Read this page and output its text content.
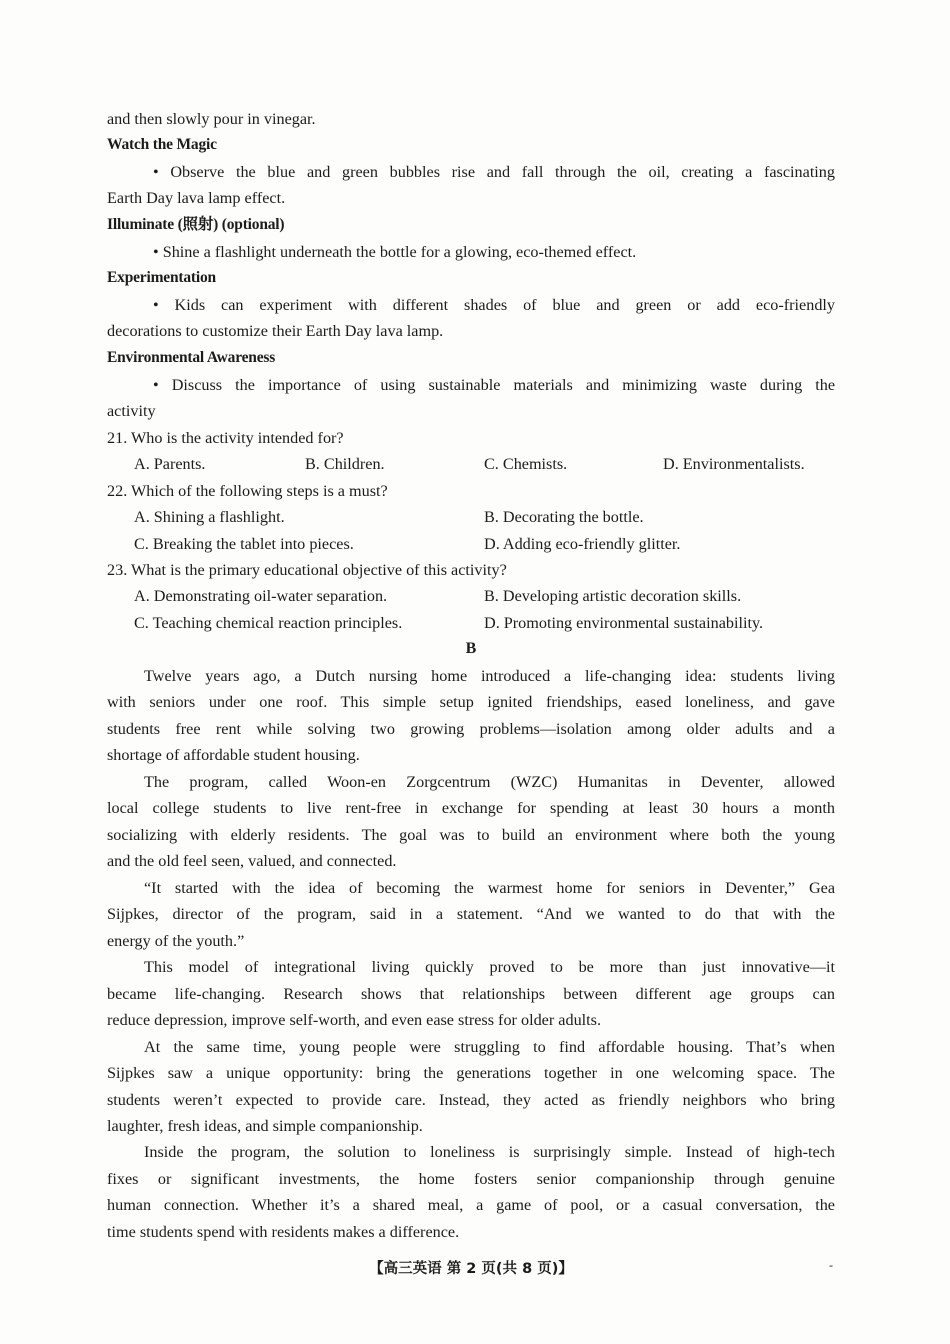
and then slowly pour in vinegar.
Watch the Magic
• Observe the blue and green bubbles rise and fall through the oil, creating a fascinating
Earth Day lava lamp effect.
Illuminate (照射) (optional)
• Shine a flashlight underneath the bottle for a glowing, eco-themed effect.
Experimentation
• Kids can experiment with different shades of blue and green or add eco-friendly
decorations to customize their Earth Day lava lamp.
Environmental Awareness
• Discuss the importance of using sustainable materials and minimizing waste during the
activity
21. Who is the activity intended for?
A. Parents.	B. Children.	C. Chemists.	D. Environmentalists.
22. Which of the following steps is a must?
A. Shining a flashlight.	B. Decorating the bottle.
C. Breaking the tablet into pieces.	D. Adding eco-friendly glitter.
23. What is the primary educational objective of this activity?
A. Demonstrating oil-water separation.	B. Developing artistic decoration skills.
C. Teaching chemical reaction principles.	D. Promoting environmental sustainability.
B
Twelve years ago, a Dutch nursing home introduced a life-changing idea: students living
with seniors under one roof. This simple setup ignited friendships, eased loneliness, and gave
students free rent while solving two growing problems—isolation among older adults and a
shortage of affordable student housing.
The program, called Woon-en Zorgcentrum (WZC) Humanitas in Deventer, allowed
local college students to live rent-free in exchange for spending at least 30 hours a month
socializing with elderly residents. The goal was to build an environment where both the young
and the old feel seen, valued, and connected.
“It started with the idea of becoming the warmest home for seniors in Deventer,” Gea
Sijpkes, director of the program, said in a statement. “And we wanted to do that with the
energy of the youth.”
This model of integrational living quickly proved to be more than just innovative—it
became life-changing. Research shows that relationships between different age groups can
reduce depression, improve self-worth, and even ease stress for older adults.
At the same time, young people were struggling to find affordable housing. That’s when
Sijpkes saw a unique opportunity: bring the generations together in one welcoming space. The
students weren’t expected to provide care. Instead, they acted as friendly neighbors who bring
laughter, fresh ideas, and simple companionship.
Inside the program, the solution to loneliness is surprisingly simple. Instead of high-tech
fixes or significant investments, the home fosters senior companionship through genuine
human connection. Whether it’s a shared meal, a game of pool, or a casual conversation, the
time students spend with residents makes a difference.
【高三英语 第 2 页(共 8 页)】	-
